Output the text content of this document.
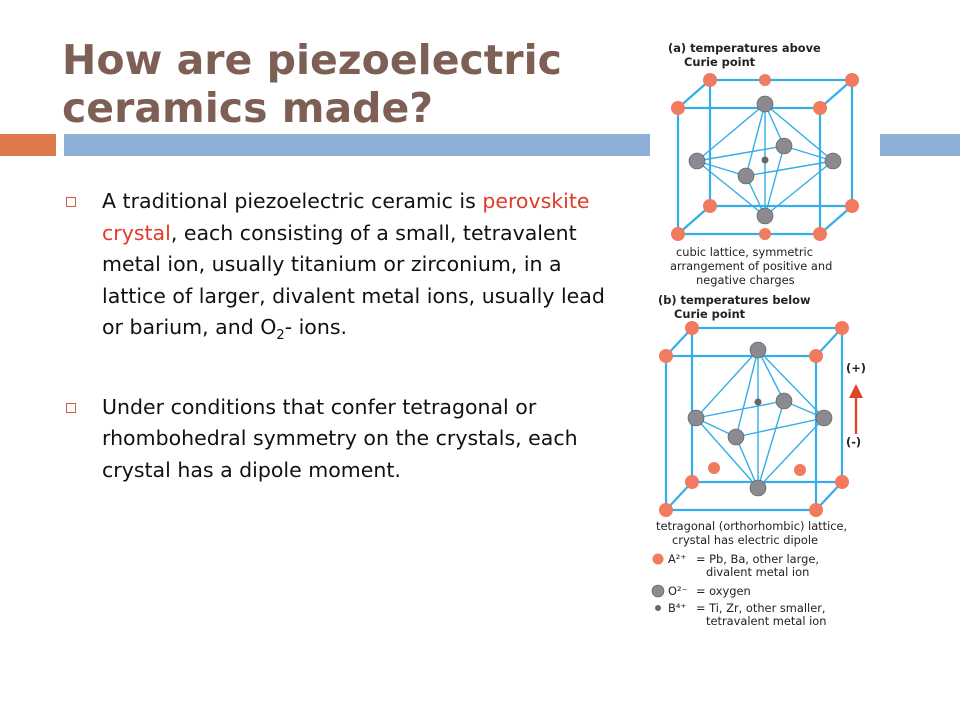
How are piezoelectric
ceramics made?
A traditional piezoelectric ceramic is perovskite crystal, each consisting of a small, tetravalent metal ion, usually titanium or zirconium, in a lattice of larger, divalent metal ions, usually lead or barium, and $O_2-$ ions.
Under conditions that confer tetragonal or rhombohedral symmetry on the crystals, each crystal has a dipole moment.
(a) temperatures above
Curie point
cubic lattice, symmetric
arrangement of positive and
negative charges
(b) temperatures below
Curie point
(+)
(-)
tetragonal (orthorhombic) lattice,
crystal has electric dipole
A²⁺ = Pb, Ba, other large,
divalent metal ion
O²⁻ = oxygen
B⁴⁺ = Ti, Zr, other smaller,
tetravalent metal ion
